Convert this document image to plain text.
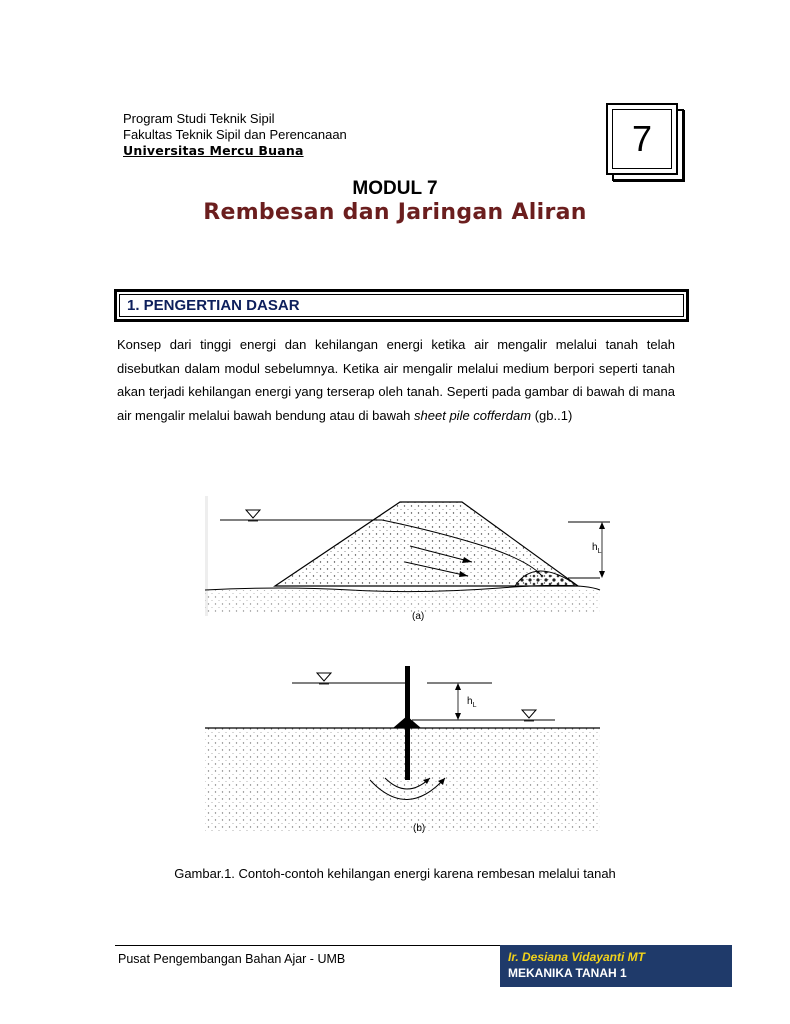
Program Studi Teknik Sipil
Fakultas Teknik Sipil dan Perencanaan
Universitas Mercu Buana	7
MODUL 7
Rembesan dan Jaringan Aliran
1. PENGERTIAN DASAR

Konsep dari tinggi energi dan kehilangan energi ketika air mengalir melalui tanah telah disebutkan dalam modul sebelumnya. Ketika air mengalir melalui medium berpori seperti tanah akan terjadi kehilangan energi yang terserap oleh tanah. Seperti pada gambar di bawah di mana air mengalir melalui bawah bendung atau di bawah sheet pile cofferdam (gb..1)

$h_L$
(a)
$h_L$
(b)
Gambar.1. Contoh-contoh kehilangan energi karena rembesan melalui tanah
Pusat Pengembangan Bahan Ajar - UMB	Ir. Desiana Vidayanti MT
MEKANIKA TANAH 1
